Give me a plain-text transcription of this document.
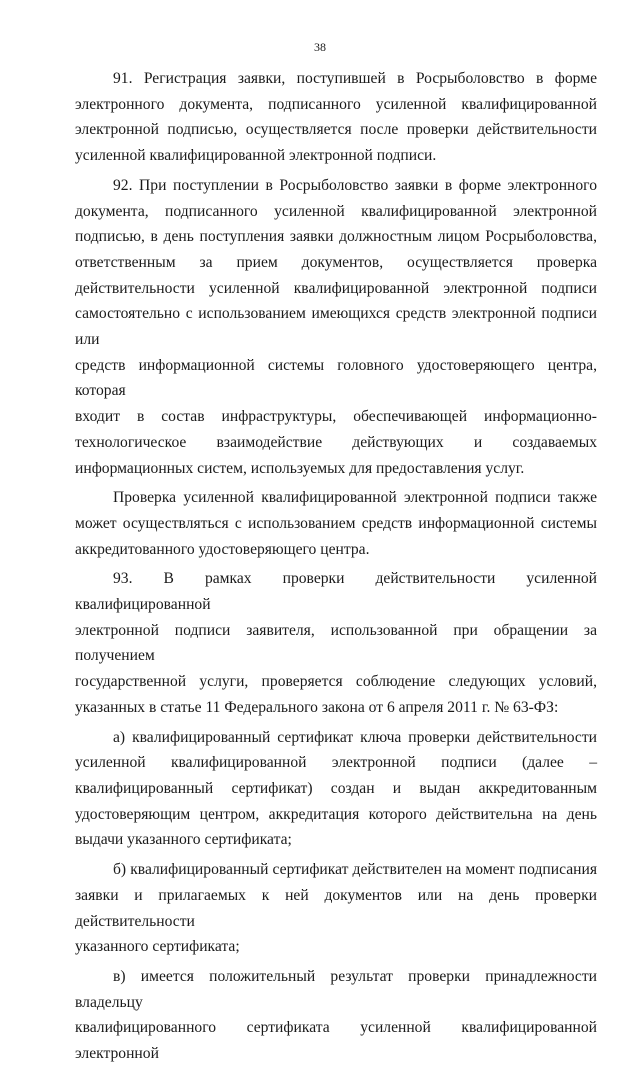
38
91. Регистрация заявки, поступившей в Росрыболовство в форме
электронного документа, подписанного усиленной квалифицированной
электронной подписью, осуществляется после проверки действительности
усиленной квалифицированной электронной подписи.
92. При поступлении в Росрыболовство заявки в форме электронного
документа, подписанного усиленной квалифицированной электронной
подписью, в день поступления заявки должностным лицом Росрыболовства,
ответственным за прием документов, осуществляется проверка
действительности усиленной квалифицированной электронной подписи
самостоятельно с использованием имеющихся средств электронной подписи или
средств информационной системы головного удостоверяющего центра, которая
входит в состав инфраструктуры, обеспечивающей информационно-
технологическое взаимодействие действующих и создаваемых
информационных систем, используемых для предоставления услуг.
Проверка усиленной квалифицированной электронной подписи также
может осуществляться с использованием средств информационной системы
аккредитованного удостоверяющего центра.
93. В рамках проверки действительности усиленной квалифицированной
электронной подписи заявителя, использованной при обращении за получением
государственной услуги, проверяется соблюдение следующих условий,
указанных в статье 11 Федерального закона от 6 апреля 2011 г. № 63-ФЗ:
а) квалифицированный сертификат ключа проверки действительности
усиленной квалифицированной электронной подписи (далее –
квалифицированный сертификат) создан и выдан аккредитованным
удостоверяющим центром, аккредитация которого действительна на день
выдачи указанного сертификата;
б) квалифицированный сертификат действителен на момент подписания
заявки и прилагаемых к ней документов или на день проверки действительности
указанного сертификата;
в) имеется положительный результат проверки принадлежности владельцу
квалифицированного сертификата усиленной квалифицированной электронной
